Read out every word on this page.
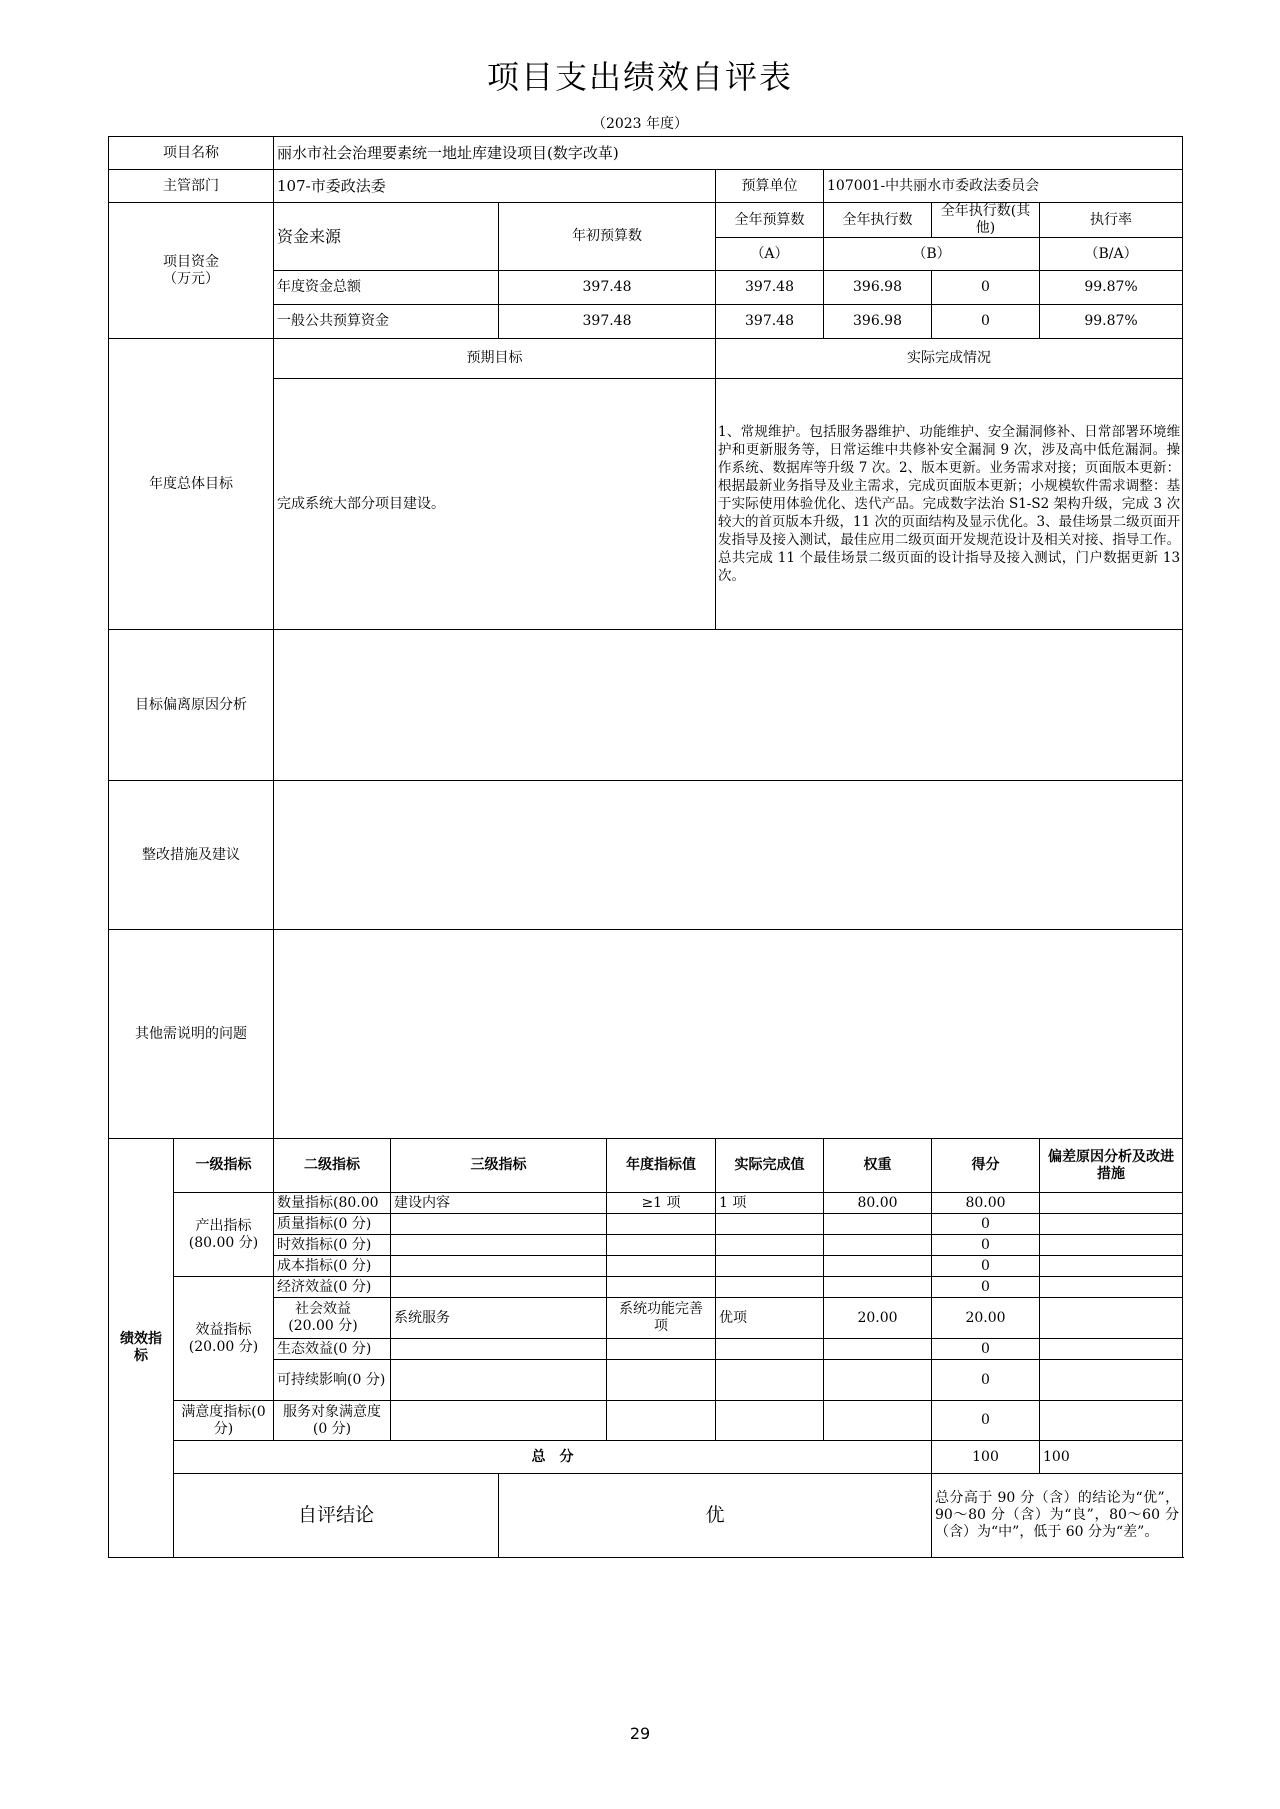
项目支出绩效自评表
（2023 年度）
项目名称		丽水市社会治理要素统一地址库建设项目(数字改革)								
主管部门		107-市委政法委				预算单位	107001-中共丽水市委政法委员会			
项目资金（万元）		资金来源		年初预算数		全年预算数	全年执行数	全年执行数(其他)	执行率	
						（A）	（B）		（B/A）	
		年度资金总额		397.48		397.48	396.98	0	99.87%	
		一般公共预算资金		397.48		397.48	396.98	0	99.87%	
年度总体目标		预期目标				实际完成情况				
		完成系统大部分项目建设。				1、常规维护。包括服务器维护、功能维护、安全漏洞修补、日常部署环境维护和更新服务等，日常运维中共修补安全漏洞 9 次，涉及高中低危漏洞。操作系统、数据库等升级 7 次。2、版本更新。业务需求对接；页面版本更新：根据最新业务指导及业主需求，完成页面版本更新；小规模软件需求调整：基于实际使用体验优化、迭代产品。完成数字法治 S1-S2 架构升级，完成 3 次较大的首页版本升级，11 次的页面结构及显示优化。3、最佳场景二级页面开发指导及接入测试，最佳应用二级页面开发规范设计及相关对接、指导工作。总共完成 11 个最佳场景二级页面的设计指导及接入测试，门户数据更新 13 次。				
目标偏离原因分析										
整改措施及建议										
其他需说明的问题										
绩效指标	一级指标	二级指标	三级指标		年度指标值	实际完成值	权重	得分	偏差原因分析及改进措施	
	产出指标(80.00 分)	数量指标(80.00	建设内容		≥1 项	1 项	80.00	80.00		
		质量指标(0 分)						0		
		时效指标(0 分)						0		
		成本指标(0 分)						0		
	效益指标(20.00 分)	经济效益(0 分)						0		
		社会效益(20.00 分)	系统服务		系统功能完善项	优项	20.00	20.00		
		生态效益(0 分)						0		
		可持续影响(0 分)						0		
	满意度指标(0 分)	服务对象满意度(0 分)						0		
	总　分							100	100	
	自评结论			优				总分高于 90 分（含）的结论为“优”，90～80 分（含）为“良”，80～60 分（含）为“中”，低于 60 分为“差”。		
29
